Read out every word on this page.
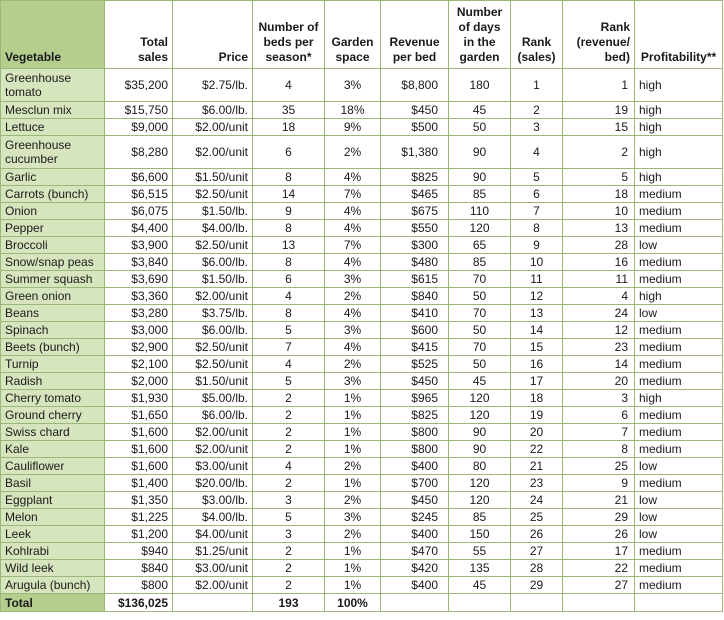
Vegetable	Total sales	Price	Number of beds per season*	Garden space	Revenue per bed	Number of days in the garden	Rank (sales)	Rank (revenue/ bed)	Profitability**
Greenhouse tomato	$35,200	$2.75/lb.	4	3%	$8,800	180	1	1	high
Mesclun mix	$15,750	$6.00/lb.	35	18%	$450	45	2	19	high
Lettuce	$9,000	$2.00/unit	18	9%	$500	50	3	15	high
Greenhouse cucumber	$8,280	$2.00/unit	6	2%	$1,380	90	4	2	high
Garlic	$6,600	$1.50/unit	8	4%	$825	90	5	5	high
Carrots (bunch)	$6,515	$2.50/unit	14	7%	$465	85	6	18	medium
Onion	$6,075	$1.50/lb.	9	4%	$675	110	7	10	medium
Pepper	$4,400	$4.00/lb.	8	4%	$550	120	8	13	medium
Broccoli	$3,900	$2.50/unit	13	7%	$300	65	9	28	low
Snow/snap peas	$3,840	$6.00/lb.	8	4%	$480	85	10	16	medium
Summer squash	$3,690	$1.50/lb.	6	3%	$615	70	11	11	medium
Green onion	$3,360	$2.00/unit	4	2%	$840	50	12	4	high
Beans	$3,280	$3.75/lb.	8	4%	$410	70	13	24	low
Spinach	$3,000	$6.00/lb.	5	3%	$600	50	14	12	medium
Beets (bunch)	$2,900	$2.50/unit	7	4%	$415	70	15	23	medium
Turnip	$2,100	$2.50/unit	4	2%	$525	50	16	14	medium
Radish	$2,000	$1.50/unit	5	3%	$450	45	17	20	medium
Cherry tomato	$1,930	$5.00/lb.	2	1%	$965	120	18	3	high
Ground cherry	$1,650	$6.00/lb.	2	1%	$825	120	19	6	medium
Swiss chard	$1,600	$2.00/unit	2	1%	$800	90	20	7	medium
Kale	$1,600	$2.00/unit	2	1%	$800	90	22	8	medium
Cauliflower	$1,600	$3.00/unit	4	2%	$400	80	21	25	low
Basil	$1,400	$20.00/lb.	2	1%	$700	120	23	9	medium
Eggplant	$1,350	$3.00/lb.	3	2%	$450	120	24	21	low
Melon	$1,225	$4.00/lb.	5	3%	$245	85	25	29	low
Leek	$1,200	$4.00/unit	3	2%	$400	150	26	26	low
Kohlrabi	$940	$1.25/unit	2	1%	$470	55	27	17	medium
Wild leek	$840	$3.00/unit	2	1%	$420	135	28	22	medium
Arugula (bunch)	$800	$2.00/unit	2	1%	$400	45	29	27	medium
Total	$136,025		193	100%					
